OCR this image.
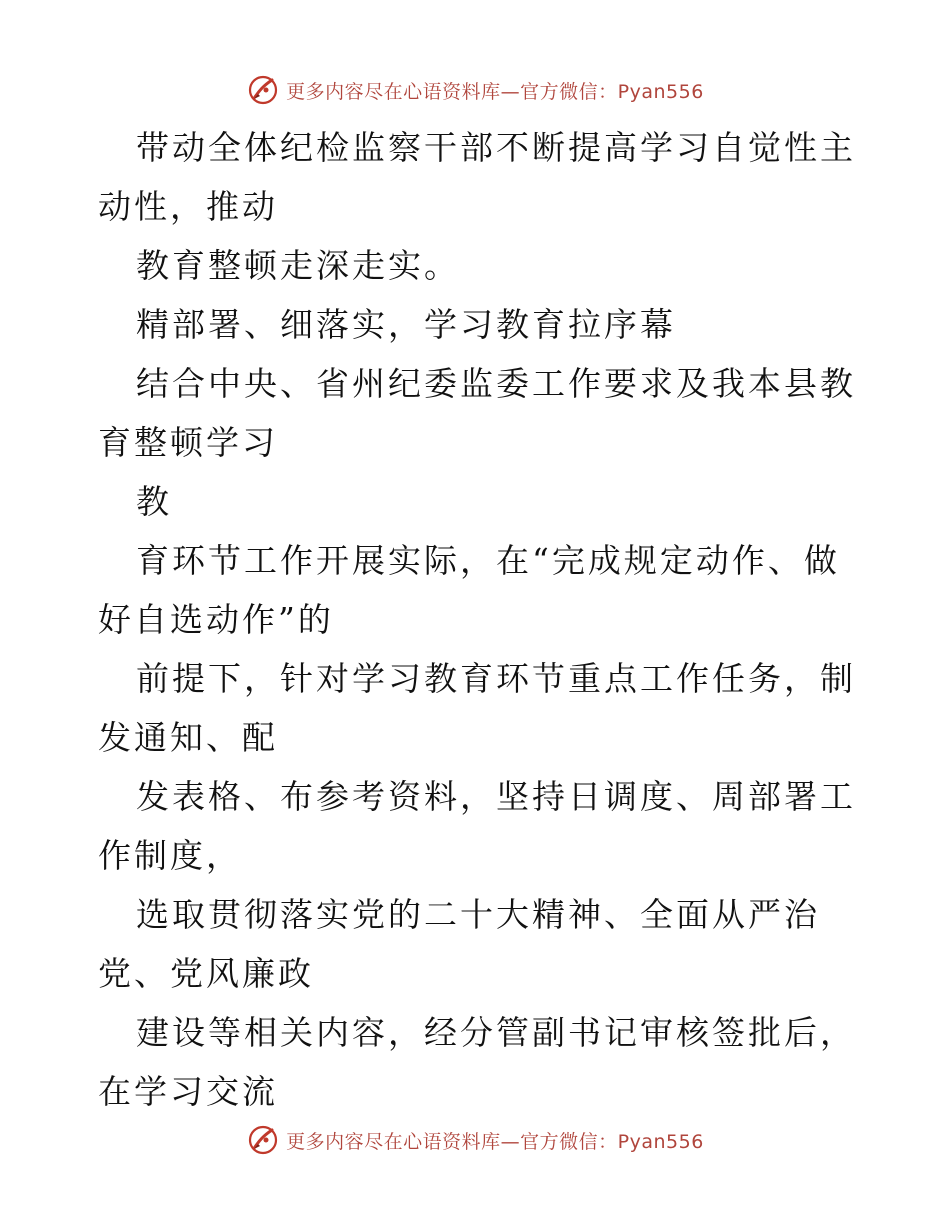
更多内容尽在心语资料库—官方微信：Pyan556

带动全体纪检监察干部不断提高学习自觉性主动性，推动

教育整顿走深走实。

精部署、细落实，学习教育拉序幕

结合中央、省州纪委监委工作要求及我本县教育整顿学习

教

育环节工作开展实际，在“完成规定动作、做好自选动作”的

前提下，针对学习教育环节重点工作任务，制发通知、配

发表格、布参考资料，坚持日调度、周部署工作制度，

选取贯彻落实党的二十大精神、全面从严治党、党风廉政

建设等相关内容，经分管副书记审核签批后，在学习交流

更多内容尽在心语资料库—官方微信：Pyan556
